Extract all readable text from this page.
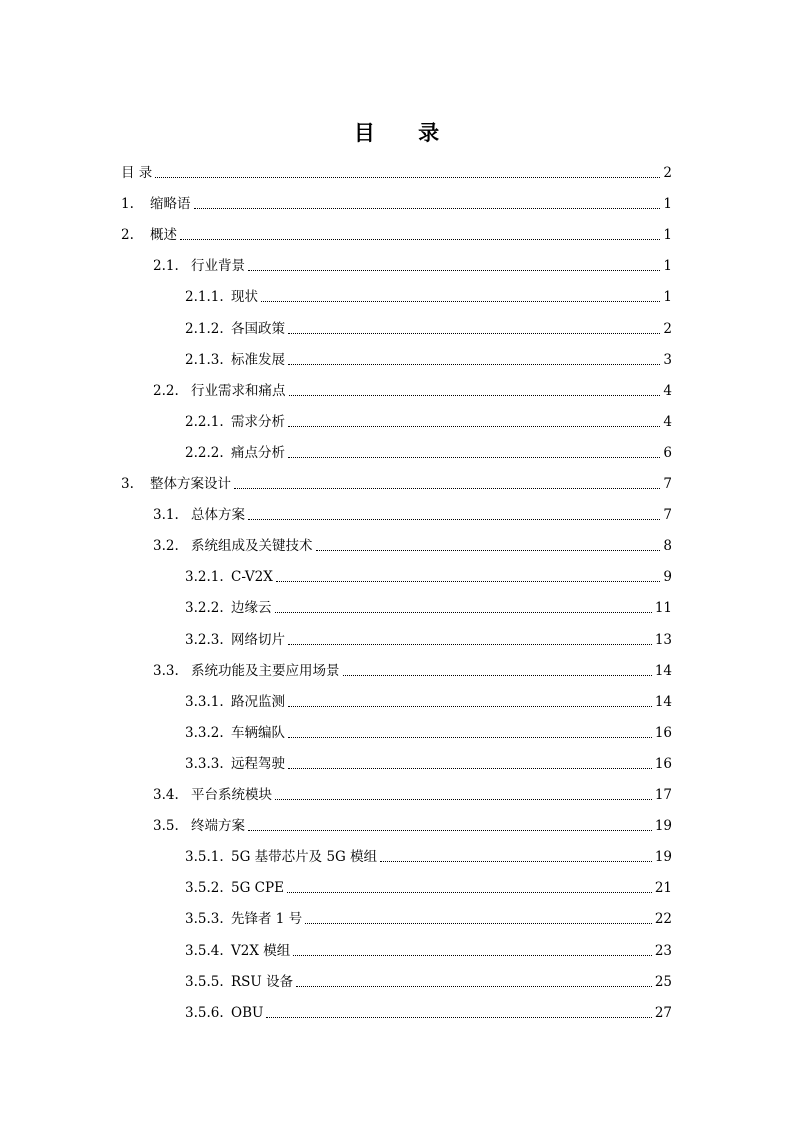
目 录
目 录	2
1.	缩略语	1
2.	概述	1
2.1. 行业背景	1
2.1.1. 现状	1
2.1.2. 各国政策	2
2.1.3. 标准发展	3
2.2. 行业需求和痛点	4
2.2.1. 需求分析	4
2.2.2. 痛点分析	6
3.	整体方案设计	7
3.1. 总体方案	7
3.2. 系统组成及关键技术	8
3.2.1. C-V2X	9
3.2.2. 边缘云	11
3.2.3. 网络切片	13
3.3. 系统功能及主要应用场景	14
3.3.1. 路况监测	14
3.3.2. 车辆编队	16
3.3.3. 远程驾驶	16
3.4. 平台系统模块	17
3.5. 终端方案	19
3.5.1. 5G 基带芯片及 5G 模组	19
3.5.2. 5G CPE	21
3.5.3. 先锋者 1 号	22
3.5.4. V2X 模组	23
3.5.5. RSU 设备	25
3.5.6. OBU	27
